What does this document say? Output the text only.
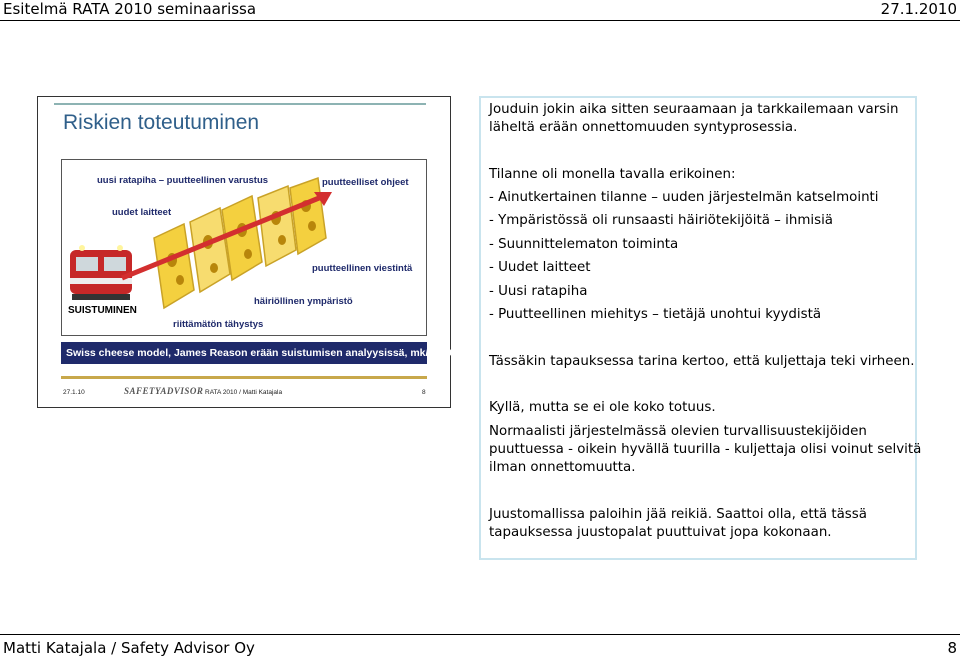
Esitelmä RATA 2010 seminaarissa	27.1.2010
Riskien toteutuminen
uusi ratapiha – puutteellinen varustus	puutteelliset ohjeet
uudet laitteet
puutteellinen viestintä
häiriöllinen ympäristö
SUISTUMINEN
riittämätön tähystys
Swiss cheese model, James Reason erään suistumisen analyysissä, mk/2009
27.1.10	SAFETYADVISOR RATA 2010 / Matti Katajala	8
Jouduin jokin aika sitten seuraamaan ja tarkkailemaan varsin
läheltä erään onnettomuuden syntyprosessia.
Tilanne oli monella tavalla erikoinen:
- Ainutkertainen tilanne – uuden järjestelmän katselmointi
- Ympäristössä oli runsaasti häiriötekijöitä – ihmisiä
- Suunnittelematon toiminta
- Uudet laitteet
- Uusi ratapiha
- Puutteellinen miehitys – tietäjä unohtui kyydistä
Tässäkin tapauksessa tarina kertoo, että kuljettaja teki virheen.
Kyllä, mutta se ei ole koko totuus.
Normaalisti järjestelmässä olevien turvallisuustekijöiden
puuttuessa - oikein hyvällä tuurilla - kuljettaja olisi voinut selvitä
ilman onnettomuutta.
Juustomallissa paloihin jää reikiä. Saattoi olla, että tässä
tapauksessa juustopalat puuttuivat jopa kokonaan.
Matti Katajala / Safety Advisor Oy	8
